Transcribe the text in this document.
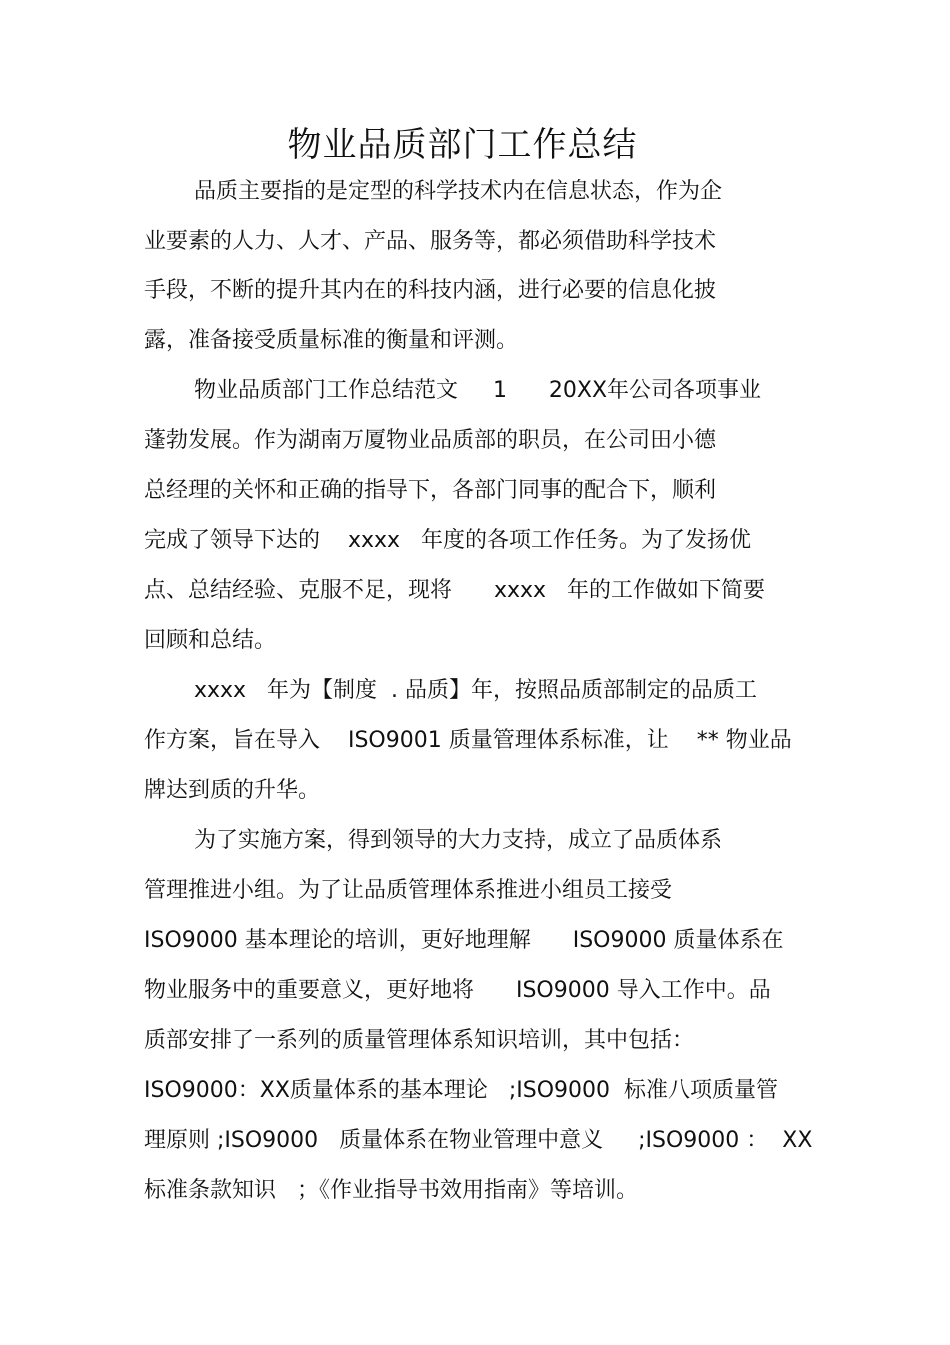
物业品质部门工作总结
品质主要指的是定型的科学技术内在信息状态，作为企
业要素的人力、人才、产品、服务等，都必须借助科学技术
手段，不断的提升其内在的科技内涵，进行必要的信息化披
露，准备接受质量标准的衡量和评测。
物业品质部门工作总结范文     1      20XX年公司各项事业
蓬勃发展。作为湖南万厦物业品质部的职员，在公司田小德
总经理的关怀和正确的指导下，各部门同事的配合下，顺利
完成了领导下达的    xxxx   年度的各项工作任务。为了发扬优
点、总结经验、克服不足，现将      xxxx   年的工作做如下简要
回顾和总结。
xxxx   年为【制度  . 品质】年，按照品质部制定的品质工
作方案，旨在导入    ISO9001 质量管理体系标准，让    ** 物业品
牌达到质的升华。
为了实施方案，得到领导的大力支持，成立了品质体系
管理推进小组。为了让品质管理体系推进小组员工接受
ISO9000 基本理论的培训，更好地理解      ISO9000 质量体系在
物业服务中的重要意义，更好地将      ISO9000 导入工作中。品
质部安排了一系列的质量管理体系知识培训，其中包括：
ISO9000：XX质量体系的基本理论   ;ISO9000  标准八项质量管
理原则 ;ISO9000   质量体系在物业管理中意义     ;ISO9000 ：  XX
标准条款知识   ；《作业指导书效用指南》等培训。
